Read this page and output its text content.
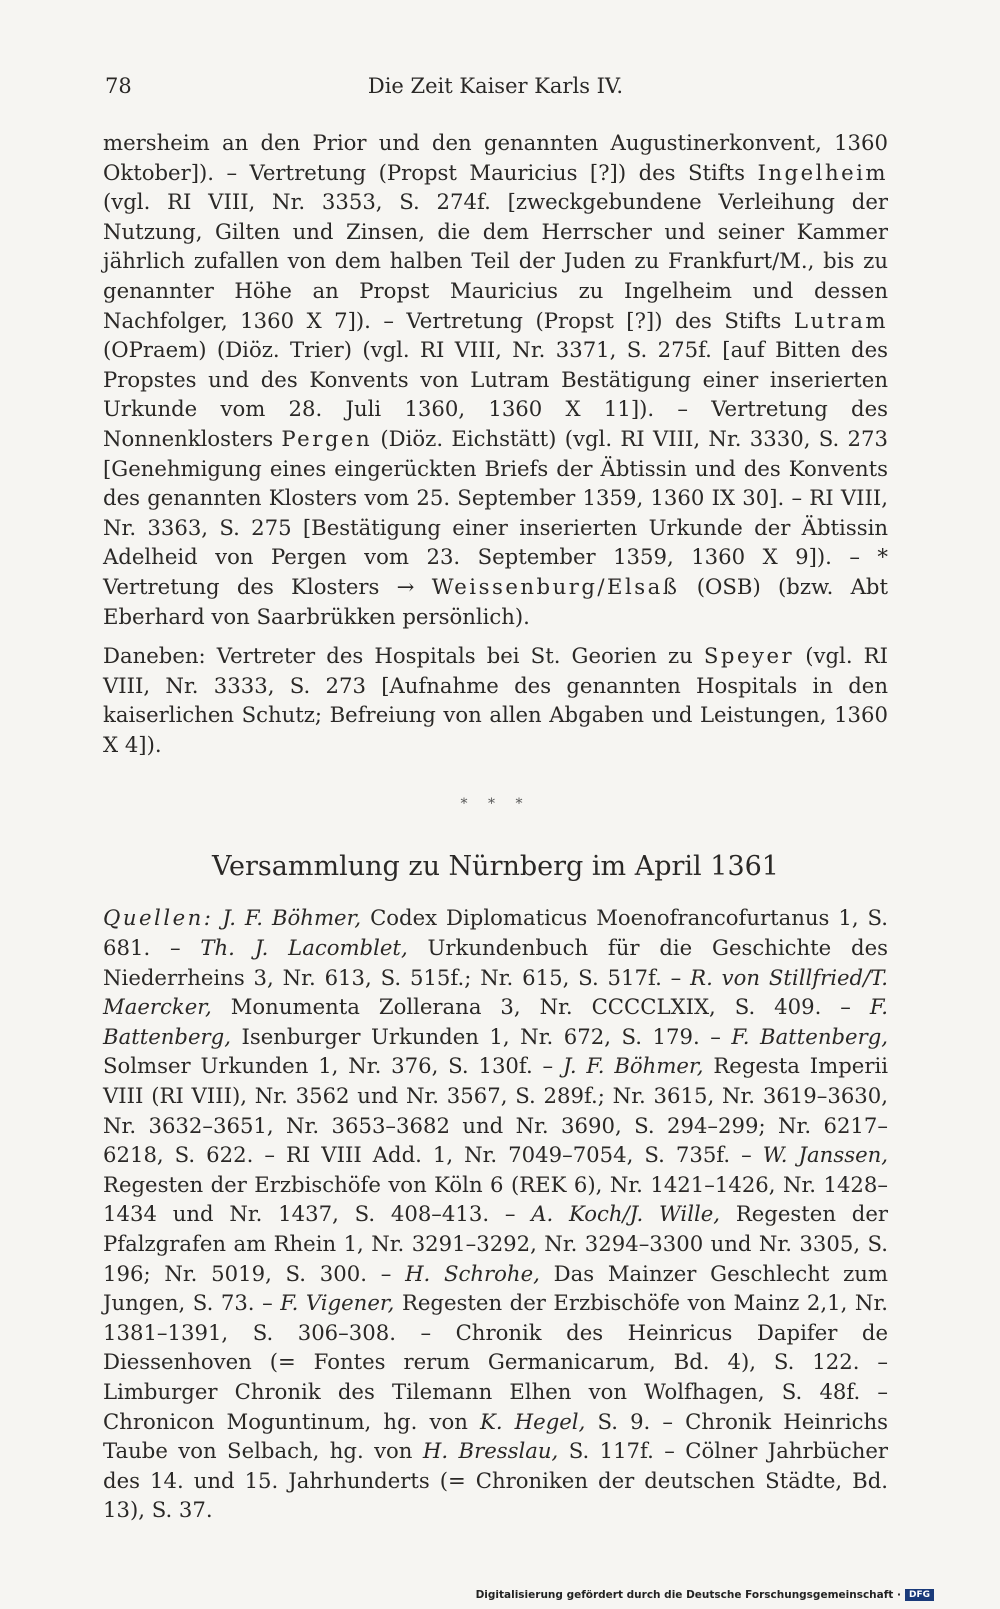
78	Die Zeit Kaiser Karls IV.

mersheim an den Prior und den genannten Augustinerkonvent, 1360 Oktober]). – Vertretung (Propst Mauricius [?]) des Stifts Ingelheim (vgl. RI VIII, Nr. 3353, S. 274f. [zweckgebundene Verleihung der Nutzung, Gilten und Zinsen, die dem Herrscher und seiner Kammer jährlich zufallen von dem halben Teil der Juden zu Frankfurt/M., bis zu genannter Höhe an Propst Mauricius zu Ingelheim und dessen Nachfolger, 1360 X 7]). – Vertretung (Propst [?]) des Stifts Lutram (OPraem) (Diöz. Trier) (vgl. RI VIII, Nr. 3371, S. 275f. [auf Bitten des Propstes und des Konvents von Lutram Bestätigung einer inserierten Urkunde vom 28. Juli 1360, 1360 X 11]). – Vertretung des Nonnenklosters Pergen (Diöz. Eichstätt) (vgl. RI VIII, Nr. 3330, S. 273 [Genehmigung eines eingerückten Briefs der Äbtissin und des Konvents des genannten Klosters vom 25. September 1359, 1360 IX 30]. – RI VIII, Nr. 3363, S. 275 [Bestätigung einer inserierten Urkunde der Äbtissin Adelheid von Pergen vom 23. September 1359, 1360 X 9]). – * Vertretung des Klosters → Weissenburg/Elsaß (OSB) (bzw. Abt Eberhard von Saarbrükken persönlich).

Daneben: Vertreter des Hospitals bei St. Georien zu Speyer (vgl. RI VIII, Nr. 3333, S. 273 [Aufnahme des genannten Hospitals in den kaiserlichen Schutz; Befreiung von allen Abgaben und Leistungen, 1360 X 4]).

* * *
Versammlung zu Nürnberg im April 1361

Quellen: J. F. Böhmer, Codex Diplomaticus Moenofrancofurtanus 1, S. 681. – Th. J. Lacomblet, Urkundenbuch für die Geschichte des Niederrheins 3, Nr. 613, S. 515f.; Nr. 615, S. 517f. – R. von Stillfried/T. Maercker, Monumenta Zollerana 3, Nr. CCCCLXIX, S. 409. – F. Battenberg, Isenburger Urkunden 1, Nr. 672, S. 179. – F. Battenberg, Solmser Urkunden 1, Nr. 376, S. 130f. – J. F. Böhmer, Regesta Imperii VIII (RI VIII), Nr. 3562 und Nr. 3567, S. 289f.; Nr. 3615, Nr. 3619–3630, Nr. 3632–3651, Nr. 3653–3682 und Nr. 3690, S. 294–299; Nr. 6217–6218, S. 622. – RI VIII Add. 1, Nr. 7049–7054, S. 735f. – W. Janssen, Regesten der Erzbischöfe von Köln 6 (REK 6), Nr. 1421–1426, Nr. 1428–1434 und Nr. 1437, S. 408–413. – A. Koch/J. Wille, Regesten der Pfalzgrafen am Rhein 1, Nr. 3291–3292, Nr. 3294–3300 und Nr. 3305, S. 196; Nr. 5019, S. 300. – H. Schrohe, Das Mainzer Geschlecht zum Jungen, S. 73. – F. Vigener, Regesten der Erzbischöfe von Mainz 2,1, Nr. 1381–1391, S. 306–308. – Chronik des Heinricus Dapifer de Diessenhoven (= Fontes rerum Germanicarum, Bd. 4), S. 122. – Limburger Chronik des Tilemann Elhen von Wolfhagen, S. 48f. – Chronicon Moguntinum, hg. von K. Hegel, S. 9. – Chronik Heinrichs Taube von Selbach, hg. von H. Bresslau, S. 117f. – Cölner Jahrbücher des 14. und 15. Jahrhunderts (= Chroniken der deutschen Städte, Bd. 13), S. 37.

Digitalisierung gefördert durch die Deutsche Forschungsgemeinschaft · DFG
